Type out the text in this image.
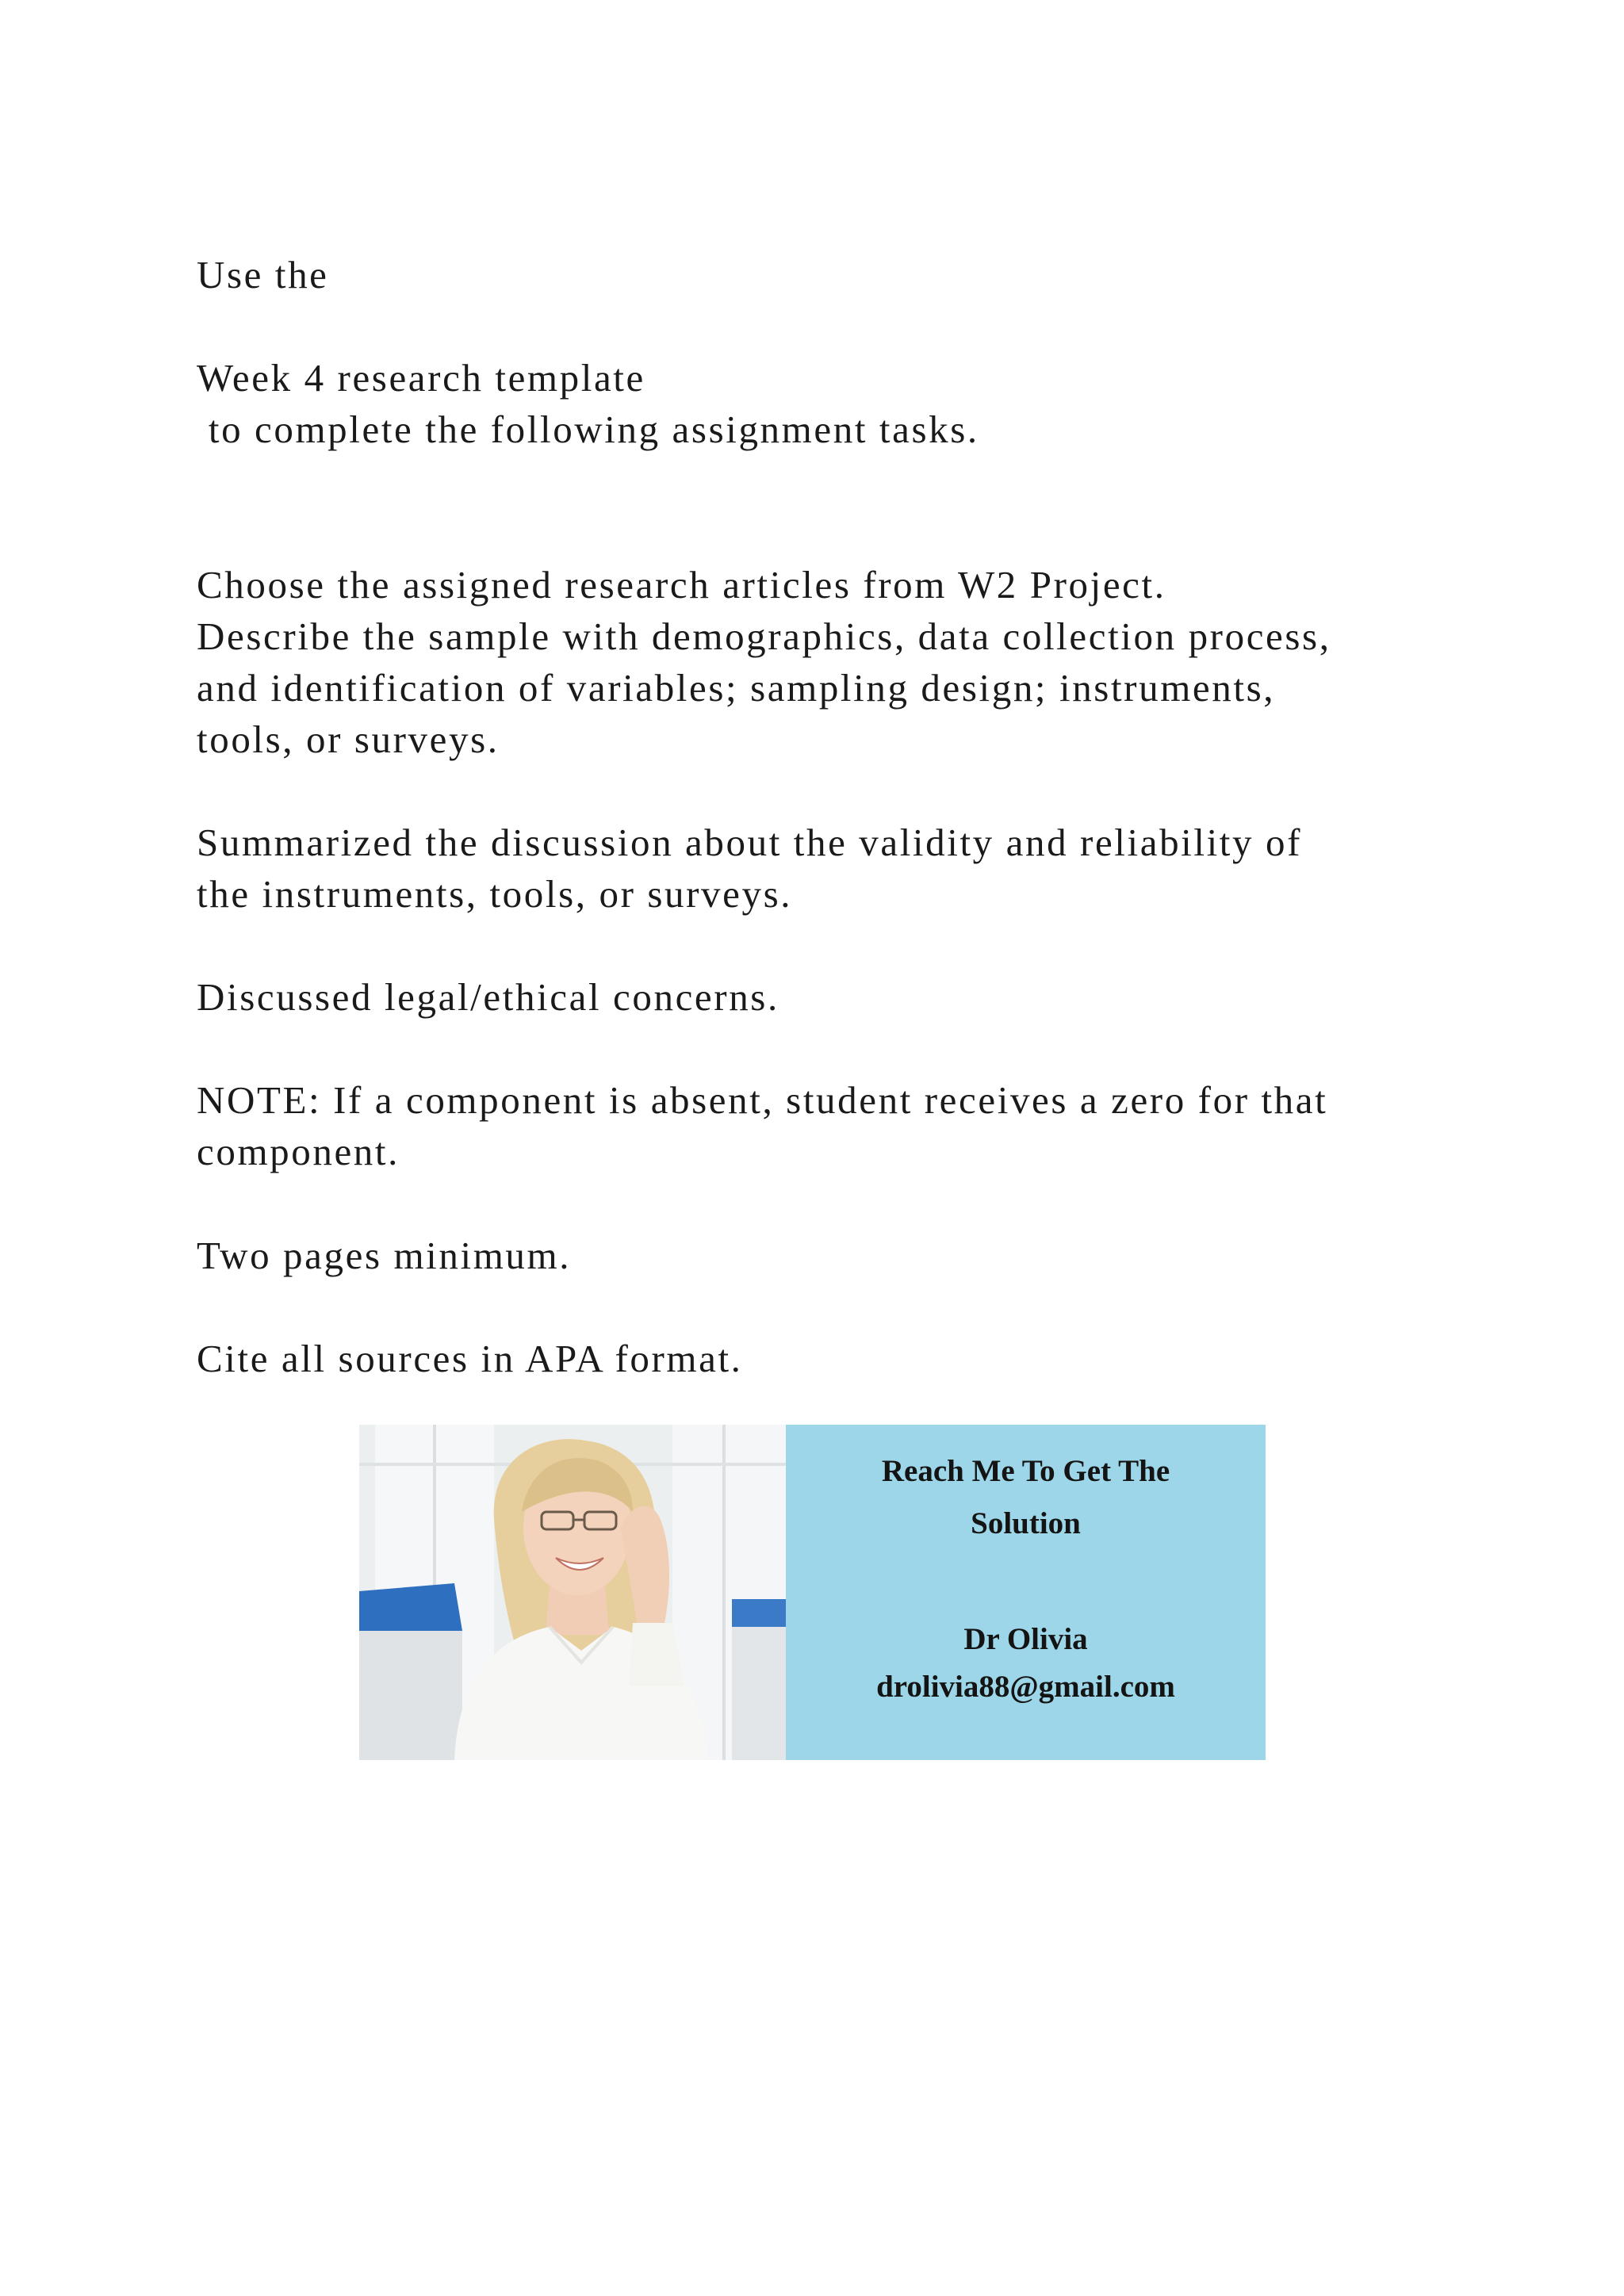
Use the

Week 4 research template

to complete the following assignment tasks.

Choose the assigned research articles from W2 Project.

Describe the sample with demographics, data collection process,

and identification of variables; sampling design; instruments,

tools, or surveys.

Summarized the discussion about the validity and reliability of

the instruments, tools, or surveys.

Discussed legal/ethical concerns.

NOTE: If a component is absent, student receives a zero for that

component.

Two pages minimum.

Cite all sources in APA format.

Reach Me To Get The
Solution
Dr Olivia
drolivia88@gmail.com
